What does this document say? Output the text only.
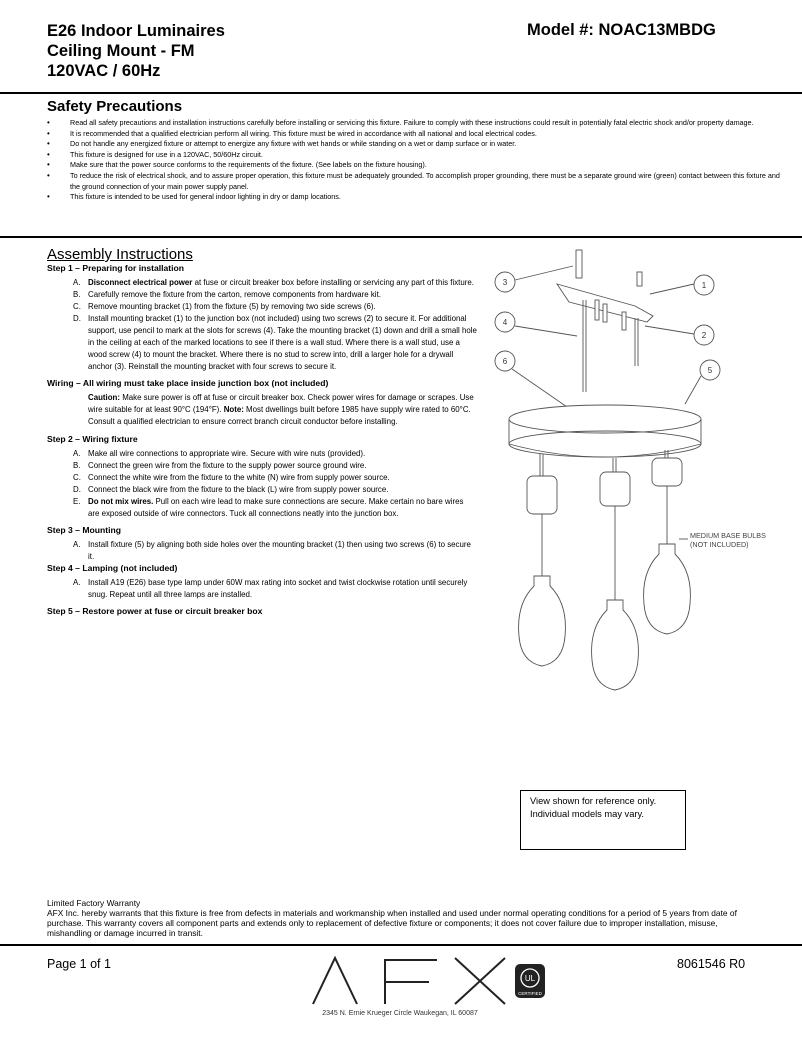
E26 Indoor Luminaires
Ceiling Mount - FM
120VAC / 60Hz
Model #: NOAC13MBDG
Safety Precautions
• Read all safety precautions and installation instructions carefully before installing or servicing this fixture. Failure to comply with these instructions could result in potentially fatal electric shock and/or property damage.
• It is recommended that a qualified electrician perform all wiring. This fixture must be wired in accordance with all national and local electrical codes.
• Do not handle any energized fixture or attempt to energize any fixture with wet hands or while standing on a wet or damp surface or in water.
• This fixture is designed for use in a 120VAC, 50/60Hz circuit.
• Make sure that the power source conforms to the requirements of the fixture. (See labels on the fixture housing).
• To reduce the risk of electrical shock, and to assure proper operation, this fixture must be adequately grounded. To accomplish proper grounding, there must be a separate ground wire (green) contact between this fixture and the ground connection of your main power supply panel.
• This fixture is intended to be used for general indoor lighting in dry or damp locations.
Assembly Instructions
Step 1 – Preparing for installation
A. Disconnect electrical power at fuse or circuit breaker box before installing or servicing any part of this fixture.
B. Carefully remove the fixture from the carton, remove components from hardware kit.
C. Remove mounting bracket (1) from the fixture (5) by removing two side screws (6).
D. Install mounting bracket (1) to the junction box (not included) using two screws (2) to secure it. For additional support, use pencil to mark at the slots for screws (4). Take the mounting bracket (1) down and drill a small hole in the ceiling at each of the marked locations to see if there is a wall stud. Where there is a wall stud, use a wood screw (4) to mount the bracket. Where there is no stud to screw into, drill a larger hole for a drywall anchor (3). Reinstall the mounting bracket with four screws to secure it.
Wiring – All wiring must take place inside junction box (not included)
Caution: Make sure power is off at fuse or circuit breaker box. Check power wires for damage or scrapes. Use wire suitable for at least 90°C (194°F). Note: Most dwellings built before 1985 have supply wire rated to 60°C. Consult a qualified electrician to ensure correct branch circuit conductor before installing.
Step 2 – Wiring fixture
A. Make all wire connections to appropriate wire. Secure with wire nuts (provided).
B. Connect the green wire from the fixture to the supply power source ground wire.
C. Connect the white wire from the fixture to the white (N) wire from supply power source.
D. Connect the black wire from the fixture to the black (L) wire from supply power source.
E. Do not mix wires. Pull on each wire lead to make sure connections are secure. Make certain no bare wires are exposed outside of wire connectors. Tuck all connections neatly into the junction box.
Step 3 – Mounting
A. Install fixture (5) by aligning both side holes over the mounting bracket (1) then using two screws (6) to secure it.
Step 4 – Lamping (not included)
A. Install A19 (E26) base type lamp under 60W max rating into socket and twist clockwise rotation until securely snug. Repeat until all three lamps are installed.
Step 5 – Restore power at fuse or circuit breaker box
3	1
4
2
6
5
MEDIUM BASE BULBS
(NOT INCLUDED)
View shown for reference only. Individual models may vary.
Limited Factory Warranty
AFX Inc. hereby warrants that this fixture is free from defects in materials and workmanship when installed and used under normal operating conditions for a period of 5 years from date of purchase. This warranty covers all component parts and extends only to replacement of defective fixture or components; it does not cover failure due to improper installation, misuse, mishandling or damage incurred in transit.
Page 1 of 1	8061546 R0
UL
CERTIFIED
2345 N. Ernie Krueger Circle Waukegan, IL 60087
